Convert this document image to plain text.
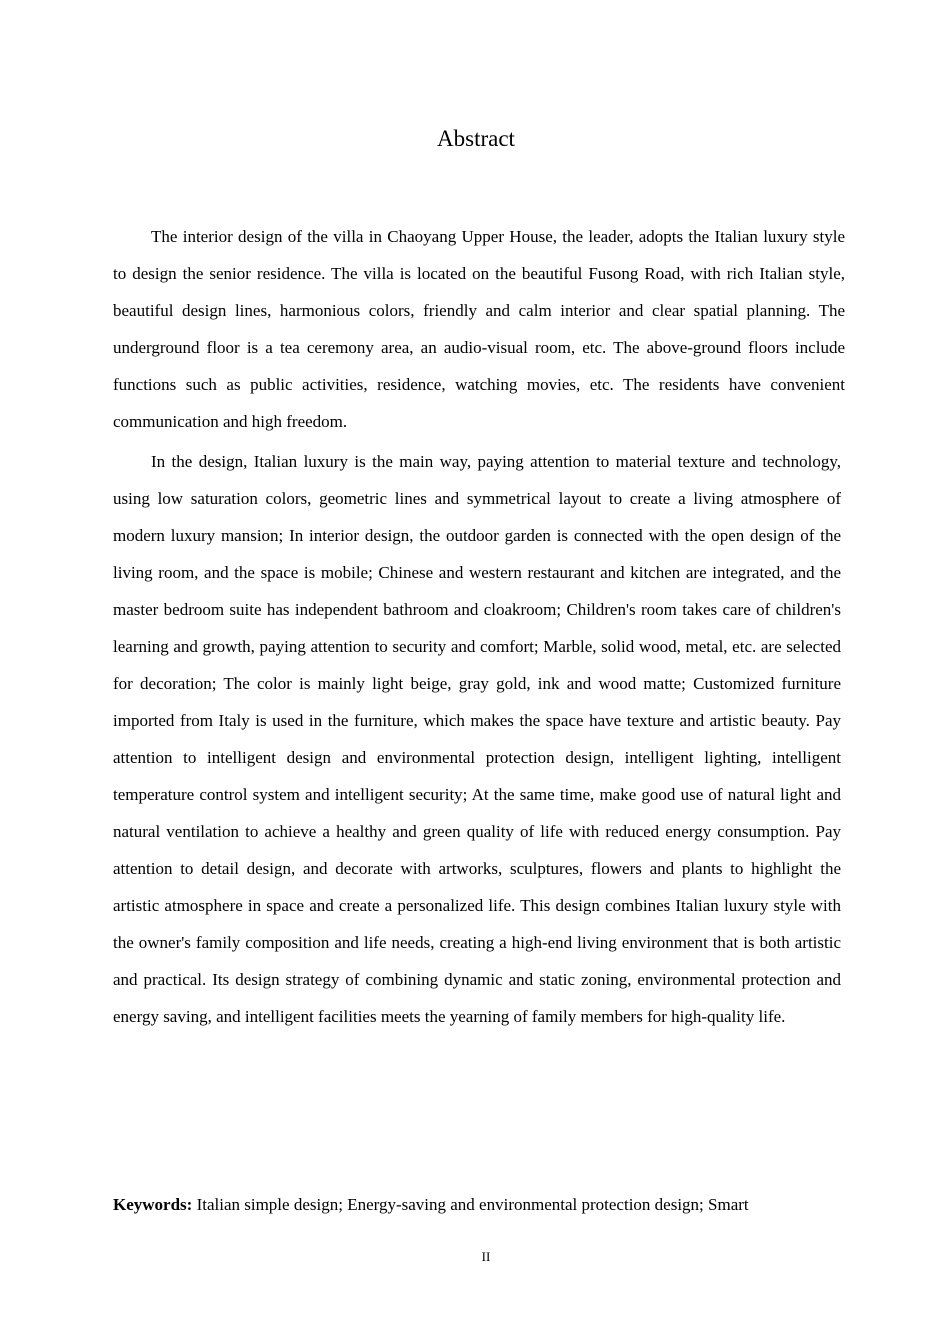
Abstract

The interior design of the villa in Chaoyang Upper House, the leader, adopts the Italian luxury style to design the senior residence. The villa is located on the beautiful Fusong Road, with rich Italian style, beautiful design lines, harmonious colors, friendly and calm interior and clear spatial planning. The underground floor is a tea ceremony area, an audio-visual room, etc. The above-ground floors include functions such as public activities, residence, watching movies, etc. The residents have convenient communication and high freedom.

In the design, Italian luxury is the main way, paying attention to material texture and technology, using low saturation colors, geometric lines and symmetrical layout to create a living atmosphere of modern luxury mansion; In interior design, the outdoor garden is connected with the open design of the living room, and the space is mobile; Chinese and western restaurant and kitchen are integrated, and the master bedroom suite has independent bathroom and cloakroom; Children's room takes care of children's learning and growth, paying attention to security and comfort; Marble, solid wood, metal, etc. are selected for decoration; The color is mainly light beige, gray gold, ink and wood matte; Customized furniture imported from Italy is used in the furniture, which makes the space have texture and artistic beauty. Pay attention to intelligent design and environmental protection design, intelligent lighting, intelligent temperature control system and intelligent security; At the same time, make good use of natural light and natural ventilation to achieve a healthy and green quality of life with reduced energy consumption. Pay attention to detail design, and decorate with artworks, sculptures, flowers and plants to highlight the artistic atmosphere in space and create a personalized life. This design combines Italian luxury style with the owner's family composition and life needs, creating a high-end living environment that is both artistic and practical. Its design strategy of combining dynamic and static zoning, environmental protection and energy saving, and intelligent facilities meets the yearning of family members for high-quality life.

Keywords: Italian simple design; Energy-saving and environmental protection design; Smart

II
